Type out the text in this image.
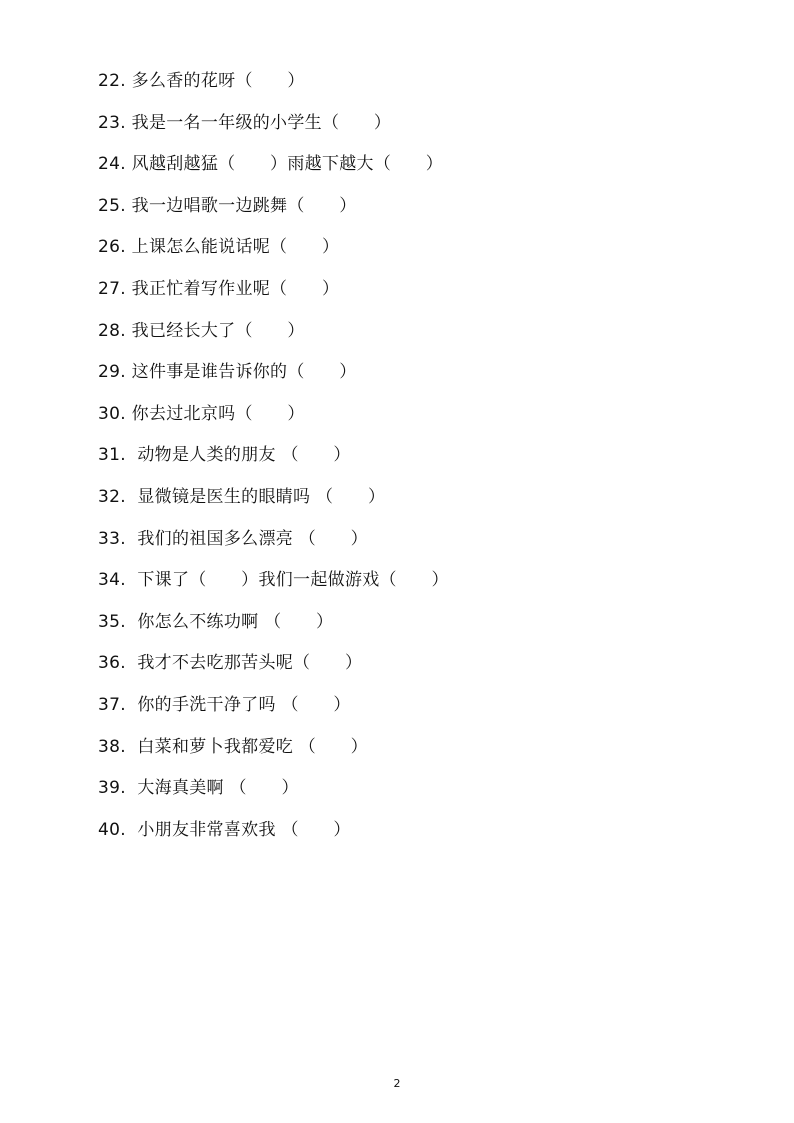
22. 多么香的花呀（　　）
23. 我是一名一年级的小学生（　　）
24. 风越刮越猛（　　）雨越下越大（　　）
25. 我一边唱歌一边跳舞（　　）
26. 上课怎么能说话呢（　　）
27. 我正忙着写作业呢（　　）
28. 我已经长大了（　　）
29. 这件事是谁告诉你的（　　）
30. 你去过北京吗（　　）
31.  动物是人类的朋友 （　　）
32.  显微镜是医生的眼睛吗 （　　）
33.  我们的祖国多么漂亮 （　　）
34.  下课了（　　）我们一起做游戏（　　）
35.  你怎么不练功啊 （　　）
36.  我才不去吃那苦头呢（　　）
37.  你的手洗干净了吗 （　　）
38.  白菜和萝卜我都爱吃 （　　）
39.  大海真美啊 （　　）
40.  小朋友非常喜欢我 （　　）
2
